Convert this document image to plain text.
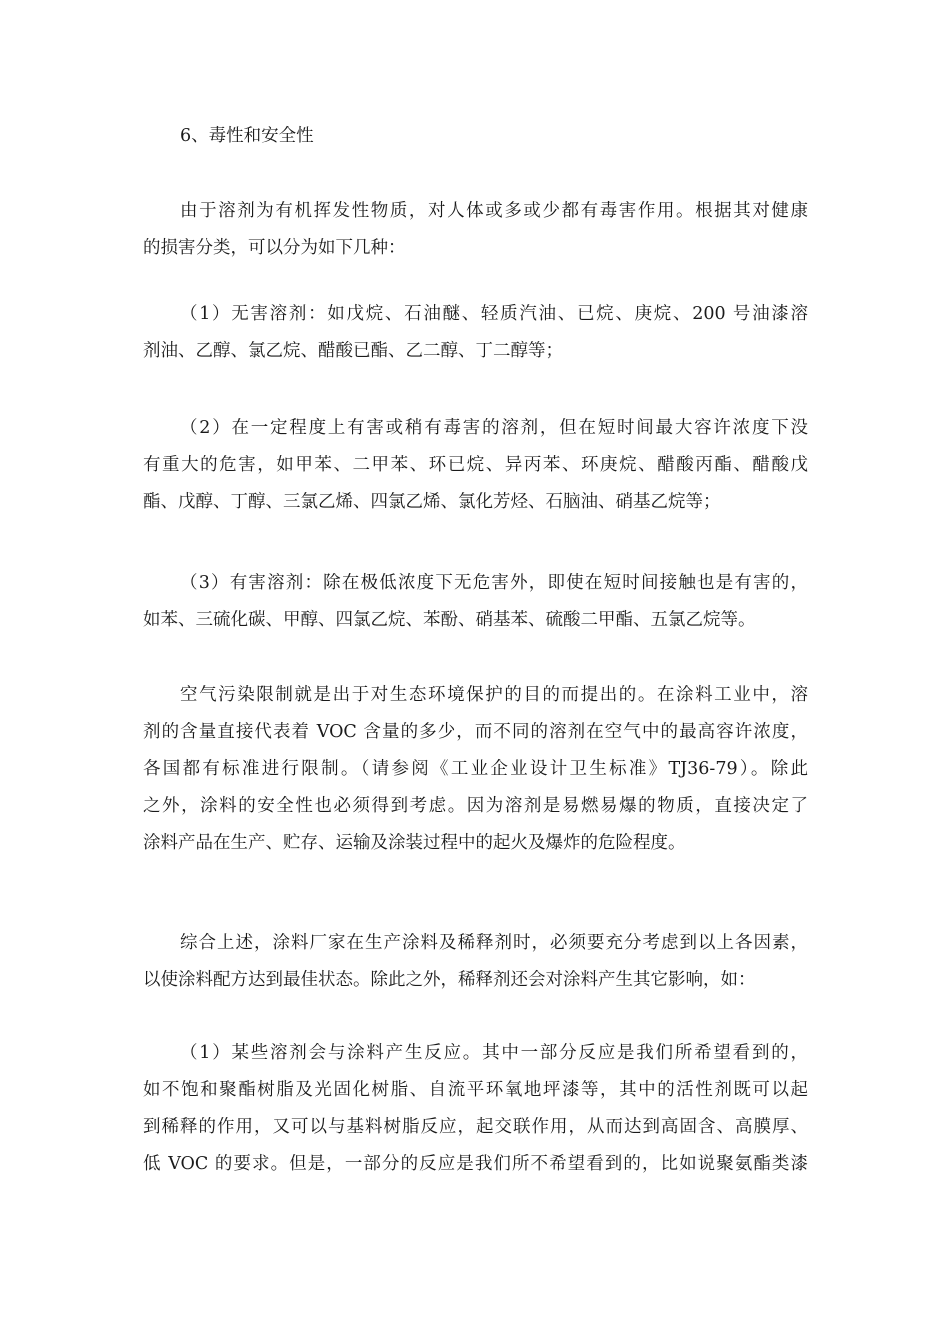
6、毒性和安全性
由于溶剂为有机挥发性物质，对人体或多或少都有毒害作用。根据其对健康
的损害分类，可以分为如下几种：
（1）无害溶剂：如戊烷、石油醚、轻质汽油、已烷、庚烷、200 号油漆溶
剂油、乙醇、氯乙烷、醋酸已酯、乙二醇、丁二醇等；
（2）在一定程度上有害或稍有毒害的溶剂，但在短时间最大容许浓度下没
有重大的危害，如甲苯、二甲苯、环已烷、异丙苯、环庚烷、醋酸丙酯、醋酸戊
酯、戊醇、丁醇、三氯乙烯、四氯乙烯、氯化芳烃、石脑油、硝基乙烷等；
（3）有害溶剂：除在极低浓度下无危害外，即使在短时间接触也是有害的，
如苯、三硫化碳、甲醇、四氯乙烷、苯酚、硝基苯、硫酸二甲酯、五氯乙烷等。
空气污染限制就是出于对生态环境保护的目的而提出的。在涂料工业中，溶
剂的含量直接代表着 VOC 含量的多少，而不同的溶剂在空气中的最高容许浓度，
各国都有标准进行限制。（请参阅《工业企业设计卫生标准》TJ36-79）。除此
之外，涂料的安全性也必须得到考虑。因为溶剂是易燃易爆的物质，直接决定了
涂料产品在生产、贮存、运输及涂装过程中的起火及爆炸的危险程度。
综合上述，涂料厂家在生产涂料及稀释剂时，必须要充分考虑到以上各因素，
以使涂料配方达到最佳状态。除此之外，稀释剂还会对涂料产生其它影响，如：
（1）某些溶剂会与涂料产生反应。其中一部分反应是我们所希望看到的，
如不饱和聚酯树脂及光固化树脂、自流平环氧地坪漆等，其中的活性剂既可以起
到稀释的作用，又可以与基料树脂反应，起交联作用，从而达到高固含、高膜厚、
低 VOC 的要求。但是，一部分的反应是我们所不希望看到的，比如说聚氨酯类漆
